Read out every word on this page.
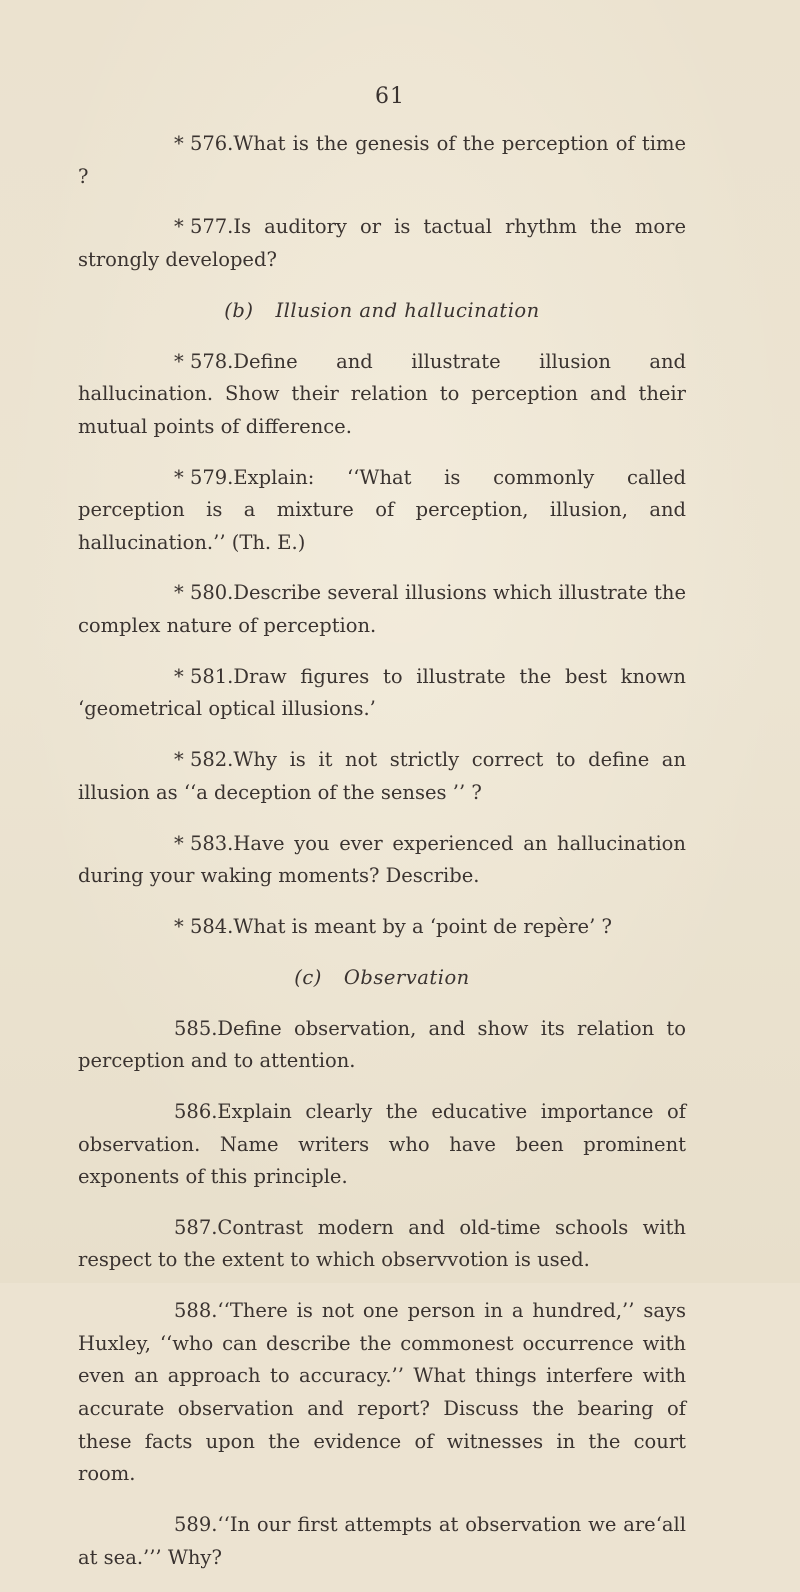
61

* 576.What is the genesis of the perception of time ?

* 577.Is auditory or is tactual rhythm the more strongly developed?

(b) Illusion and hallucination

* 578.Define and illustrate illusion and hallucination. Show their relation to perception and their mutual points of difference.

* 579.Explain: ‘‘What is commonly called perception is a mixture of perception, illusion, and hallucination.’’ (Th. E.)

* 580.Describe several illusions which illustrate the complex nature of perception.

* 581.Draw figures to illustrate the best known ‘geometrical optical illusions.’

* 582.Why is it not strictly correct to define an illusion as ‘‘a deception of the senses ’’ ?

* 583.Have you ever experienced an hallucination during your waking moments? Describe.

* 584.What is meant by a ‘point de repère’ ?

(c) Observation

585.Define observation, and show its relation to perception and to attention.

586.Explain clearly the educative importance of observation. Name writers who have been prominent exponents of this principle.

587.Contrast modern and old-time schools with respect to the extent to which observvotion is used.

588.‘‘There is not one person in a hundred,’’ says Huxley, ‘‘who can describe the commonest occurrence with even an approach to accuracy.’’ What things interfere with accurate observation and report? Discuss the bearing of these facts upon the evidence of witnesses in the court room.

589.‘‘In our first attempts at observation we are‘all at sea.’’’ Why?
